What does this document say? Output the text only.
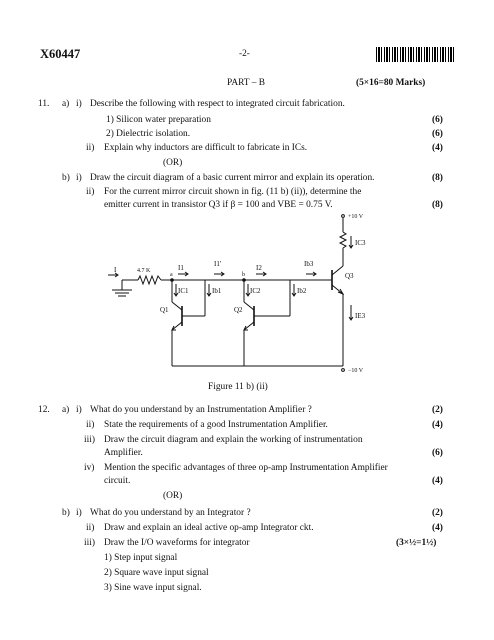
X60447	-2-
PART – B	(5×16=80 Marks)
11. a) i) Describe the following with respect to integrated circuit fabrication.
1) Silicon water preparation	(6)
2) Dielectric isolation.	(6)
ii) Explain why inductors are difficult to fabricate in ICs.	(4)
(OR)
b) i) Draw the circuit diagram of a basic current mirror and explain its operation.	(8)
ii) For the current mirror circuit shown in fig. (11 b) (ii)), determine the
emitter current in transistor Q3 if β = 100 and VBE = 0.75 V.	(8)
+10 V
−10 V
IC3
Q3
IE3
a	b
4.7 K
I	I1	I1′	I2	Ib3
Q1
IC1	Ib1
Q2
IC2	Ib2
Figure 11 b) (ii)
12. a) i) What do you understand by an Instrumentation Amplifier ?	(2)
ii) State the requirements of a good Instrumentation Amplifier.	(4)
iii) Draw the circuit diagram and explain the working of instrumentation
Amplifier.	(6)
iv) Mention the specific advantages of three op-amp Instrumentation Amplifier
circuit.	(4)
(OR)
b) i) What do you understand by an Integrator ?	(2)
ii) Draw and explain an ideal active op-amp Integrator ckt.	(4)
iii) Draw the I/O waveforms for integrator	(3×½=1½)
1) Step input signal
2) Square wave input signal
3) Sine wave input signal.
